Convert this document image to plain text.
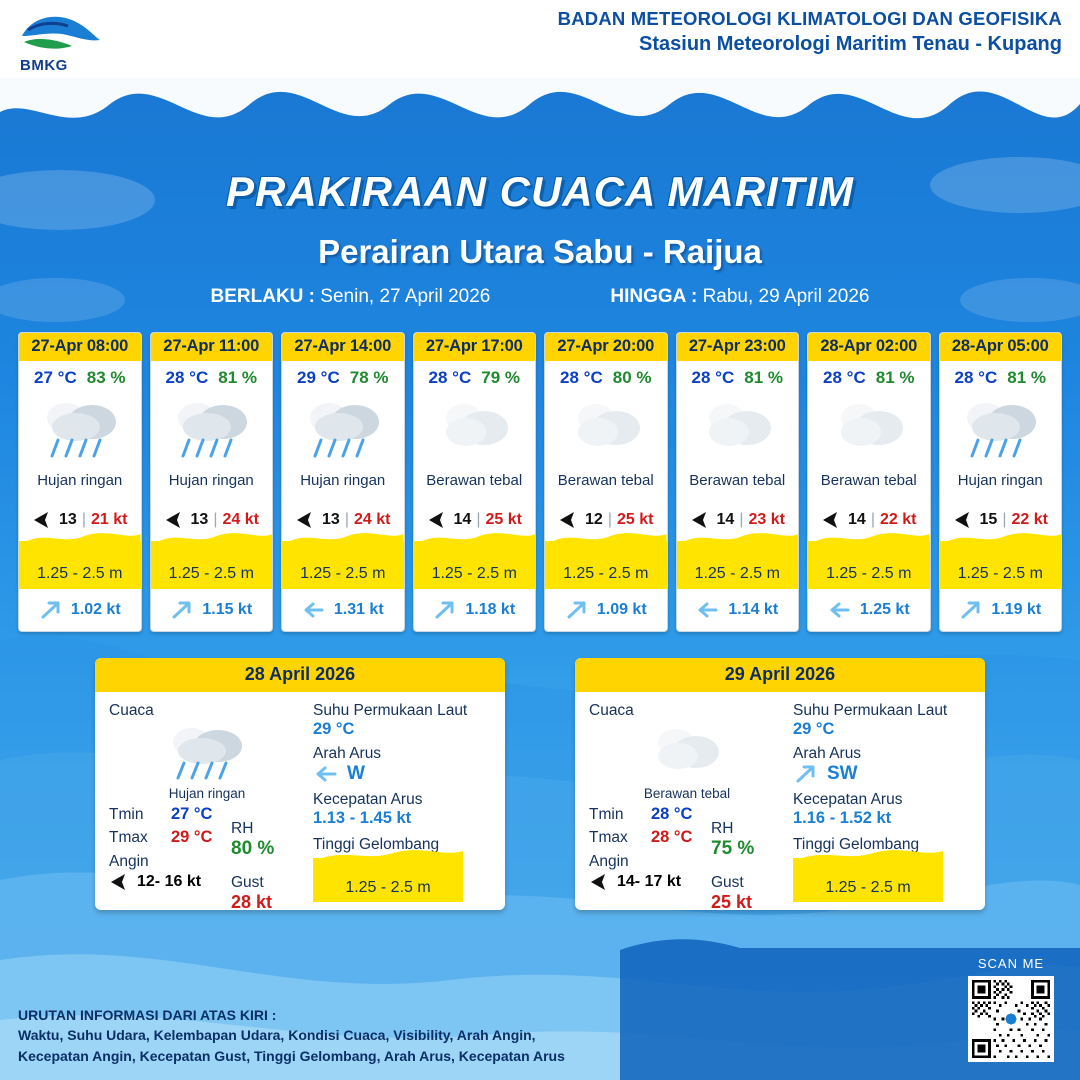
BMKG
BADAN METEOROLOGI KLIMATOLOGI DAN GEOFISIKA
Stasiun Meteorologi Maritim Tenau - Kupang
PRAKIRAAN CUACA MARITIM
Perairan Utara Sabu - Raijua
BERLAKU : Senin, 27 April 2026	HINGGA : Rabu, 29 April 2026
27-Apr 08:00
27 °C 83 %
Hujan ringan
13 | 21 kt
1.25 - 2.5 m
1.02 kt
27-Apr 11:00
28 °C 81 %
Hujan ringan
13 | 24 kt
1.25 - 2.5 m
1.15 kt
27-Apr 14:00
29 °C 78 %
Hujan ringan
13 | 24 kt
1.25 - 2.5 m
1.31 kt
27-Apr 17:00
28 °C 79 %
Berawan tebal
14 | 25 kt
1.25 - 2.5 m
1.18 kt
27-Apr 20:00
28 °C 80 %
Berawan tebal
12 | 25 kt
1.25 - 2.5 m
1.09 kt
27-Apr 23:00
28 °C 81 %
Berawan tebal
14 | 23 kt
1.25 - 2.5 m
1.14 kt
28-Apr 02:00
28 °C 81 %
Berawan tebal
14 | 22 kt
1.25 - 2.5 m
1.25 kt
28-Apr 05:00
28 °C 81 %
Hujan ringan
15 | 22 kt
1.25 - 2.5 m
1.19 kt
28 April 2026
Cuaca
Hujan ringan
Tmin	27 °C
Tmax	29 °C
Angin
12- 16 kt
RH
80 %
Gust
28 kt
Suhu Permukaan Laut
29 °C
Arah Arus
W
Kecepatan Arus
1.13 - 1.45 kt
Tinggi Gelombang
1.25 - 2.5 m
29 April 2026
Cuaca
Berawan tebal
Tmin	28 °C
Tmax	28 °C
Angin
14- 17 kt
RH
75 %
Gust
25 kt
Suhu Permukaan Laut
29 °C
Arah Arus
SW
Kecepatan Arus
1.16 - 1.52 kt
Tinggi Gelombang
1.25 - 2.5 m
URUTAN INFORMASI DARI ATAS KIRI :
Waktu, Suhu Udara, Kelembapan Udara, Kondisi Cuaca, Visibility, Arah Angin,
Kecepatan Angin, Kecepatan Gust, Tinggi Gelombang, Arah Arus, Kecepatan Arus
SCAN ME
